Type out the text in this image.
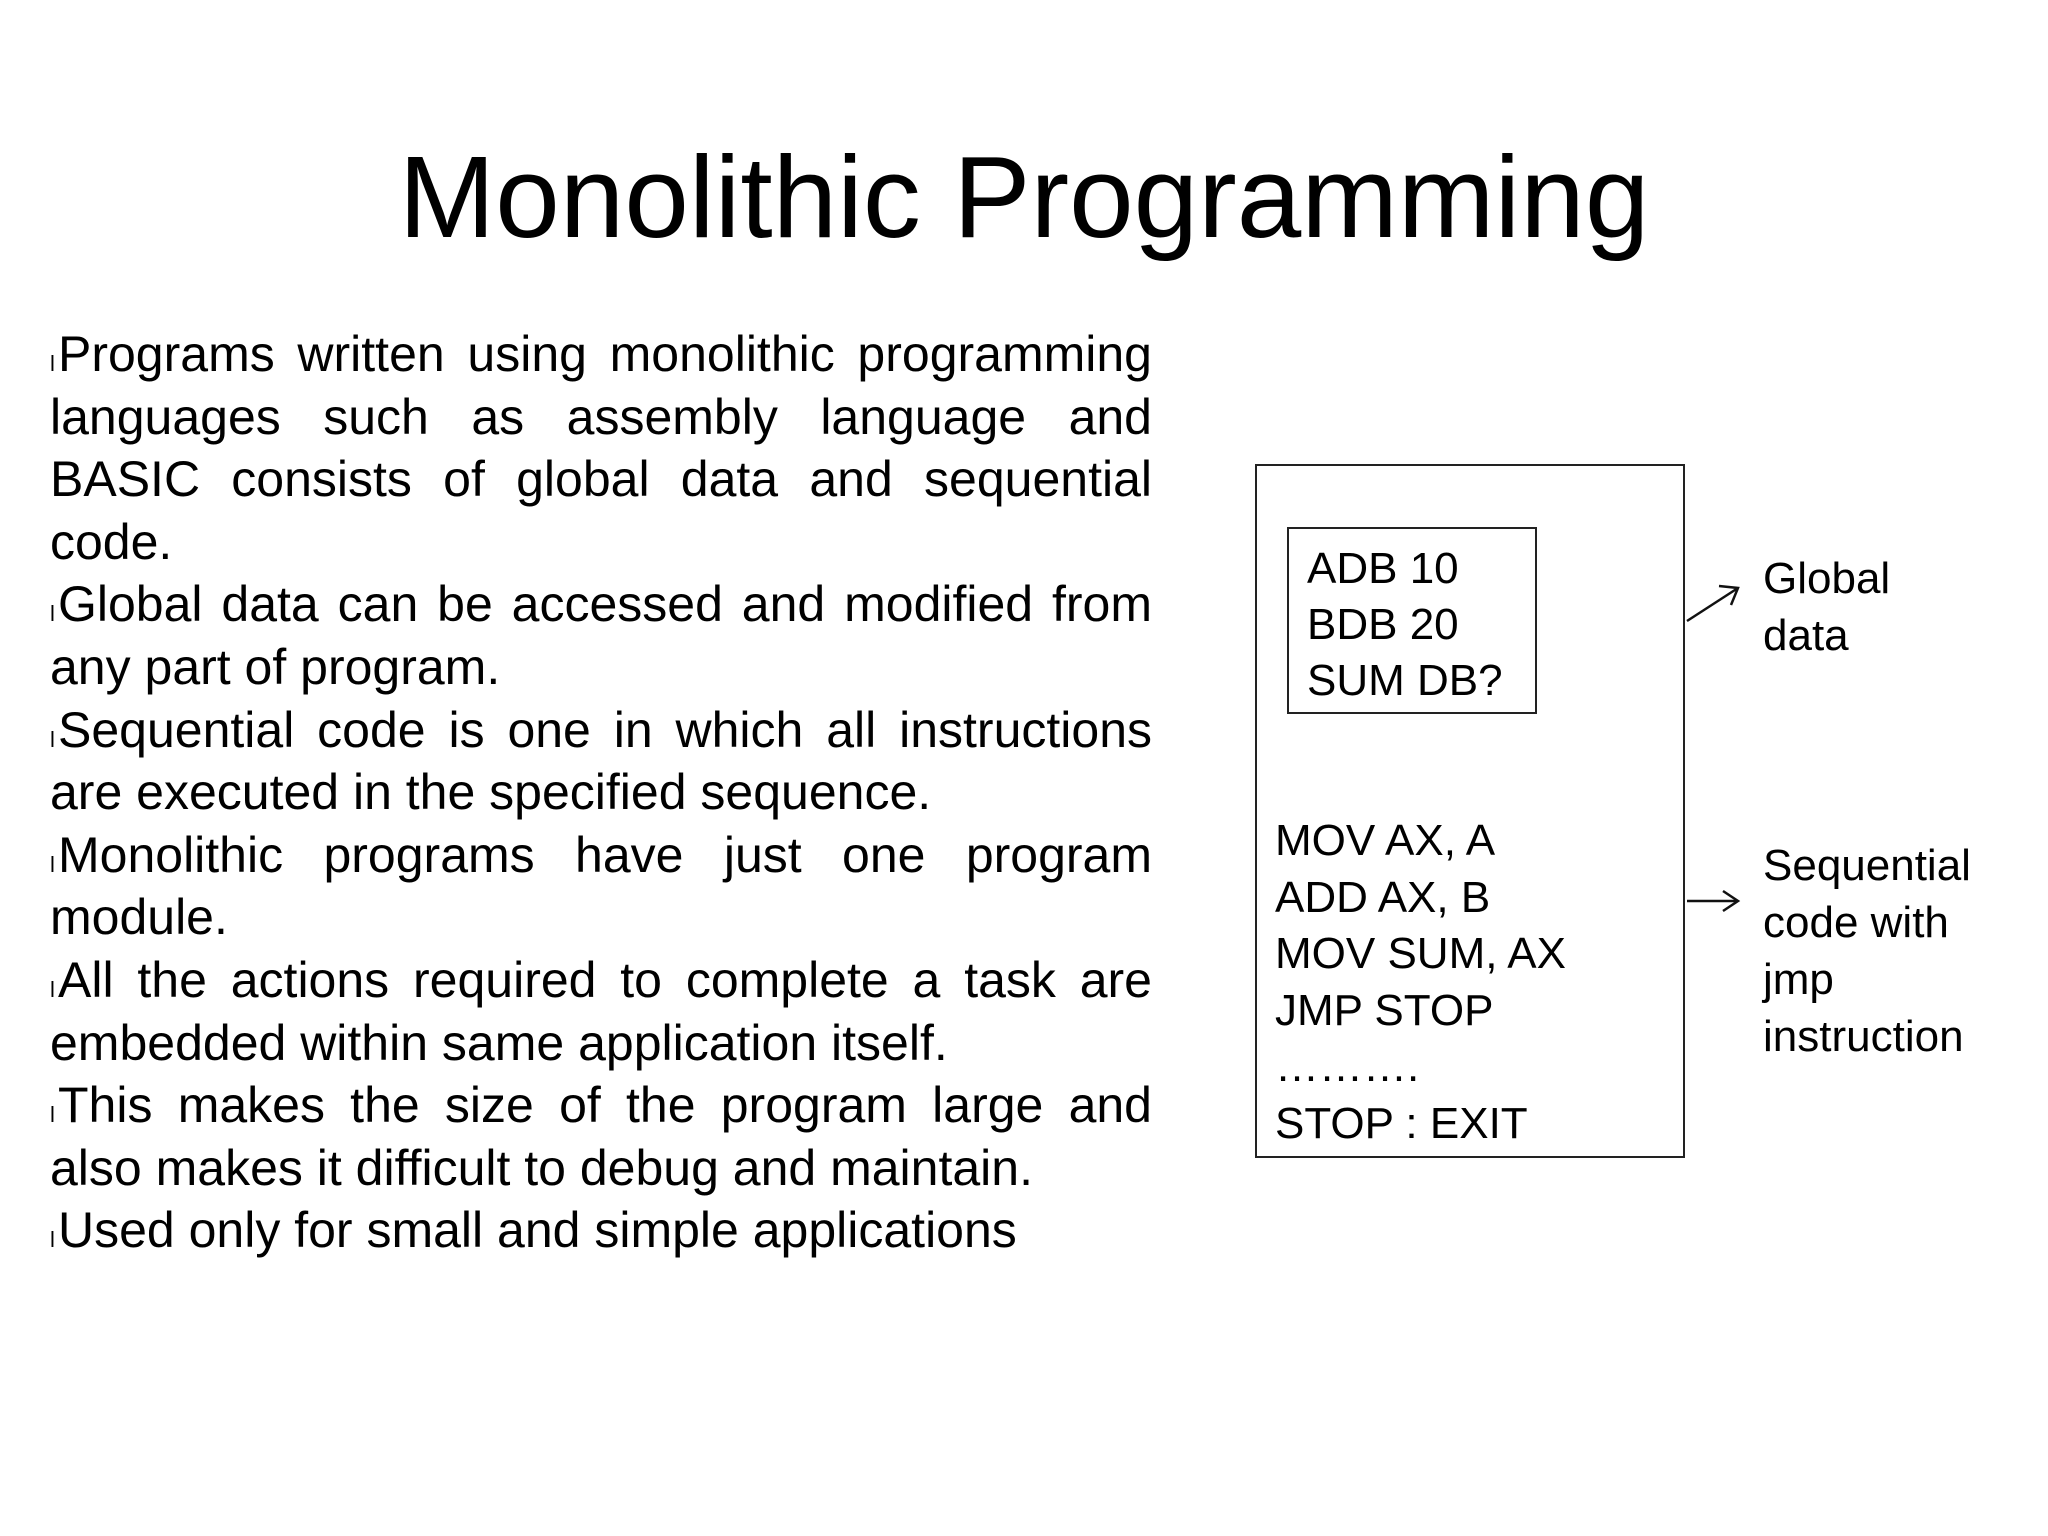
Monolithic Programming
lPrograms written using monolithic programming languages such as assembly language and BASIC consists of global data and sequential code.
lGlobal data can be accessed and modified from any part of program.
lSequential code is one in which all instructions are executed in the specified sequence.
lMonolithic programs have just one program module.
lAll the actions required to complete a task are embedded within same application itself.
lThis makes the size of the program large and also makes it difficult to debug and maintain.
lUsed only for small and simple applications
ADB 10
BDB 20
SUM DB?
MOV AX, A
ADD AX, B
MOV SUM, AX
JMP STOP
……….
STOP : EXIT
Global
data
Sequential
code with
jmp
instruction
